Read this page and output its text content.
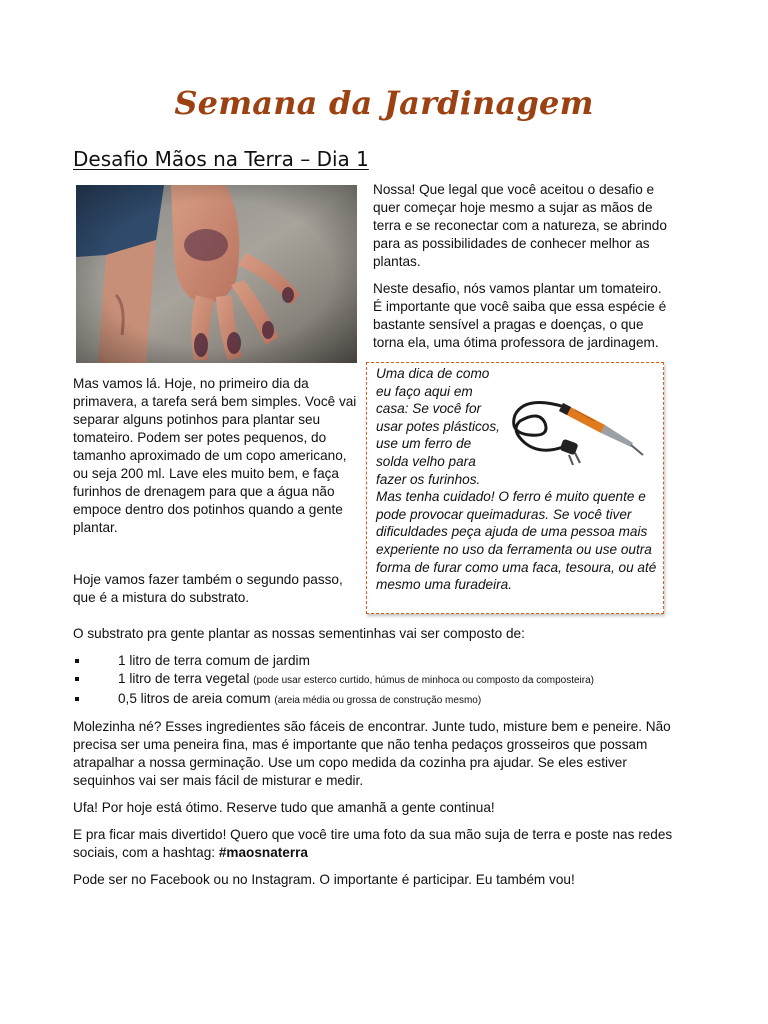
Semana da Jardinagem
Desafio Mãos na Terra – Dia 1

Nossa! Que legal que você aceitou o desafio e quer começar hoje mesmo a sujar as mãos de terra e se reconectar com a natureza, se abrindo para as possibilidades de conhecer melhor as plantas.

Neste desafio, nós vamos plantar um tomateiro. É importante que você saiba que essa espécie é bastante sensível a pragas e doenças, o que torna ela, uma ótima professora de jardinagem.

Mas vamos lá. Hoje, no primeiro dia da primavera, a tarefa será bem simples. Você vai separar alguns potinhos para plantar seu tomateiro. Podem ser potes pequenos, do tamanho aproximado de um copo americano, ou seja 200 ml. Lave eles muito bem, e faça furinhos de drenagem para que a água não empoce dentro dos potinhos quando a gente plantar.
Hoje vamos fazer também o segundo passo, que é a mistura do substrato.
Uma dica de como eu faço aqui em casa: Se você for usar potes plásticos, use um ferro de solda velho para fazer os furinhos. Mas tenha cuidado! O ferro é muito quente e pode provocar queimaduras. Se você tiver dificuldades peça ajuda de uma pessoa mais experiente no uso da ferramenta ou use outra forma de furar como uma faca, tesoura, ou até mesmo uma furadeira.

O substrato pra gente plantar as nossas sementinhas vai ser composto de:

1 litro de terra comum de jardim
1 litro de terra vegetal (pode usar esterco curtido, húmus de minhoca ou composto da composteira)
0,5 litros de areia comum (areia média ou grossa de construção mesmo)

Molezinha né? Esses ingredientes são fáceis de encontrar. Junte tudo, misture bem e peneire. Não precisa ser uma peneira fina, mas é importante que não tenha pedaços grosseiros que possam atrapalhar a nossa germinação. Use um copo medida da cozinha pra ajudar. Se eles estiver sequinhos vai ser mais fácil de misturar e medir.

Ufa! Por hoje está ótimo. Reserve tudo que amanhã a gente continua!

E pra ficar mais divertido! Quero que você tire uma foto da sua mão suja de terra e poste nas redes sociais, com a hashtag: #maosnaterra

Pode ser no Facebook ou no Instagram. O importante é participar. Eu também vou!
